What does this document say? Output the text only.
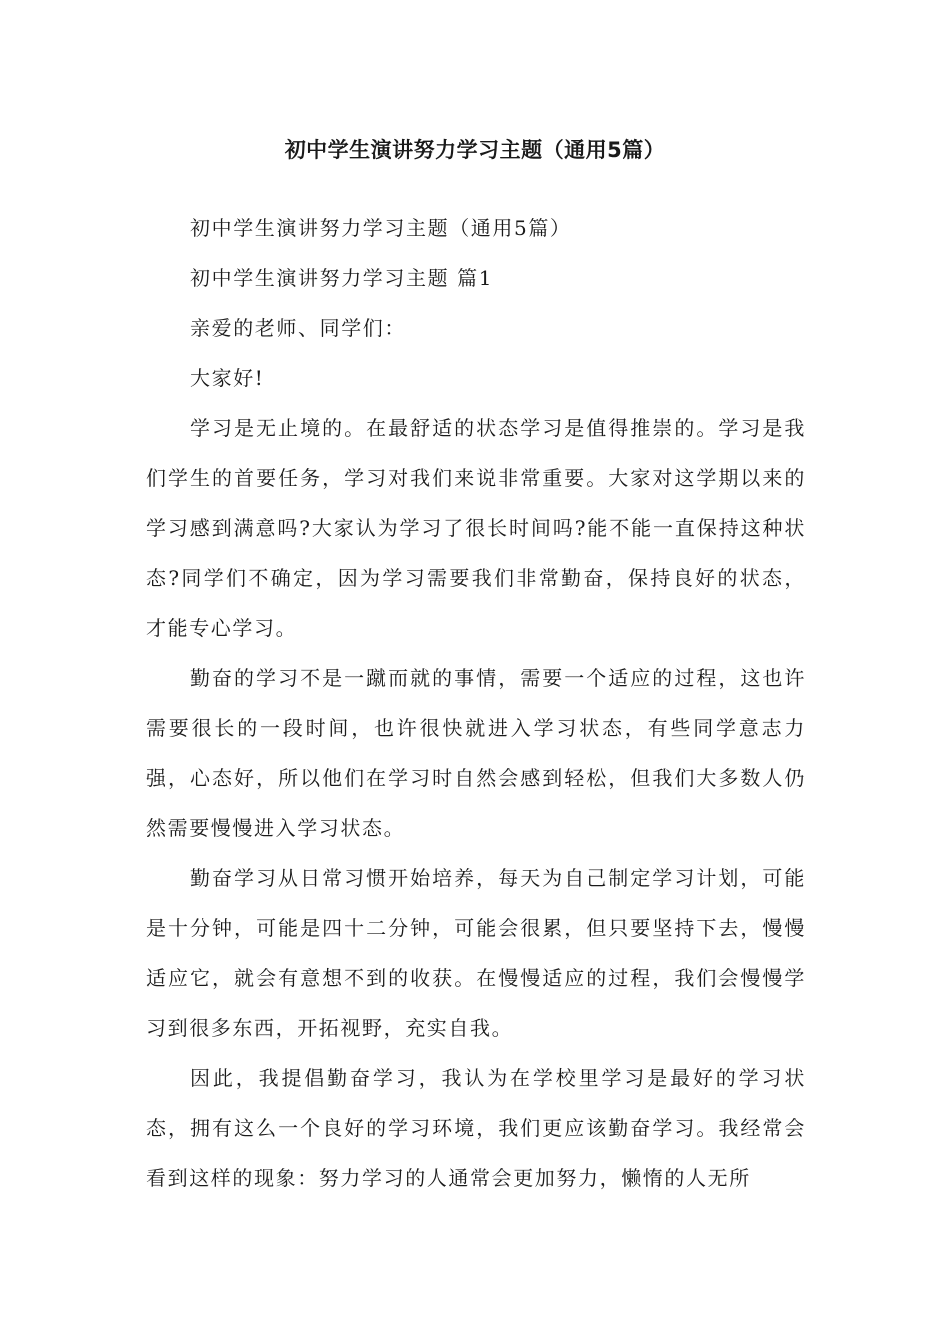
初中学生演讲努力学习主题（通用5篇）

初中学生演讲努力学习主题（通用5篇）

初中学生演讲努力学习主题 篇1

亲爱的老师、同学们：

大家好!

学习是无止境的。在最舒适的状态学习是值得推崇的。学习是我们学生的首要任务，学习对我们来说非常重要。大家对这学期以来的学习感到满意吗?大家认为学习了很长时间吗?能不能一直保持这种状态?同学们不确定，因为学习需要我们非常勤奋，保持良好的状态，才能专心学习。

勤奋的学习不是一蹴而就的事情，需要一个适应的过程，这也许需要很长的一段时间，也许很快就进入学习状态，有些同学意志力强，心态好，所以他们在学习时自然会感到轻松，但我们大多数人仍然需要慢慢进入学习状态。

勤奋学习从日常习惯开始培养，每天为自己制定学习计划，可能是十分钟，可能是四十二分钟，可能会很累，但只要坚持下去，慢慢适应它，就会有意想不到的收获。在慢慢适应的过程，我们会慢慢学习到很多东西，开拓视野，充实自我。

因此，我提倡勤奋学习，我认为在学校里学习是最好的学习状态，拥有这么一个良好的学习环境，我们更应该勤奋学习。我经常会看到这样的现象：努力学习的人通常会更加努力，懒惰的人无所
